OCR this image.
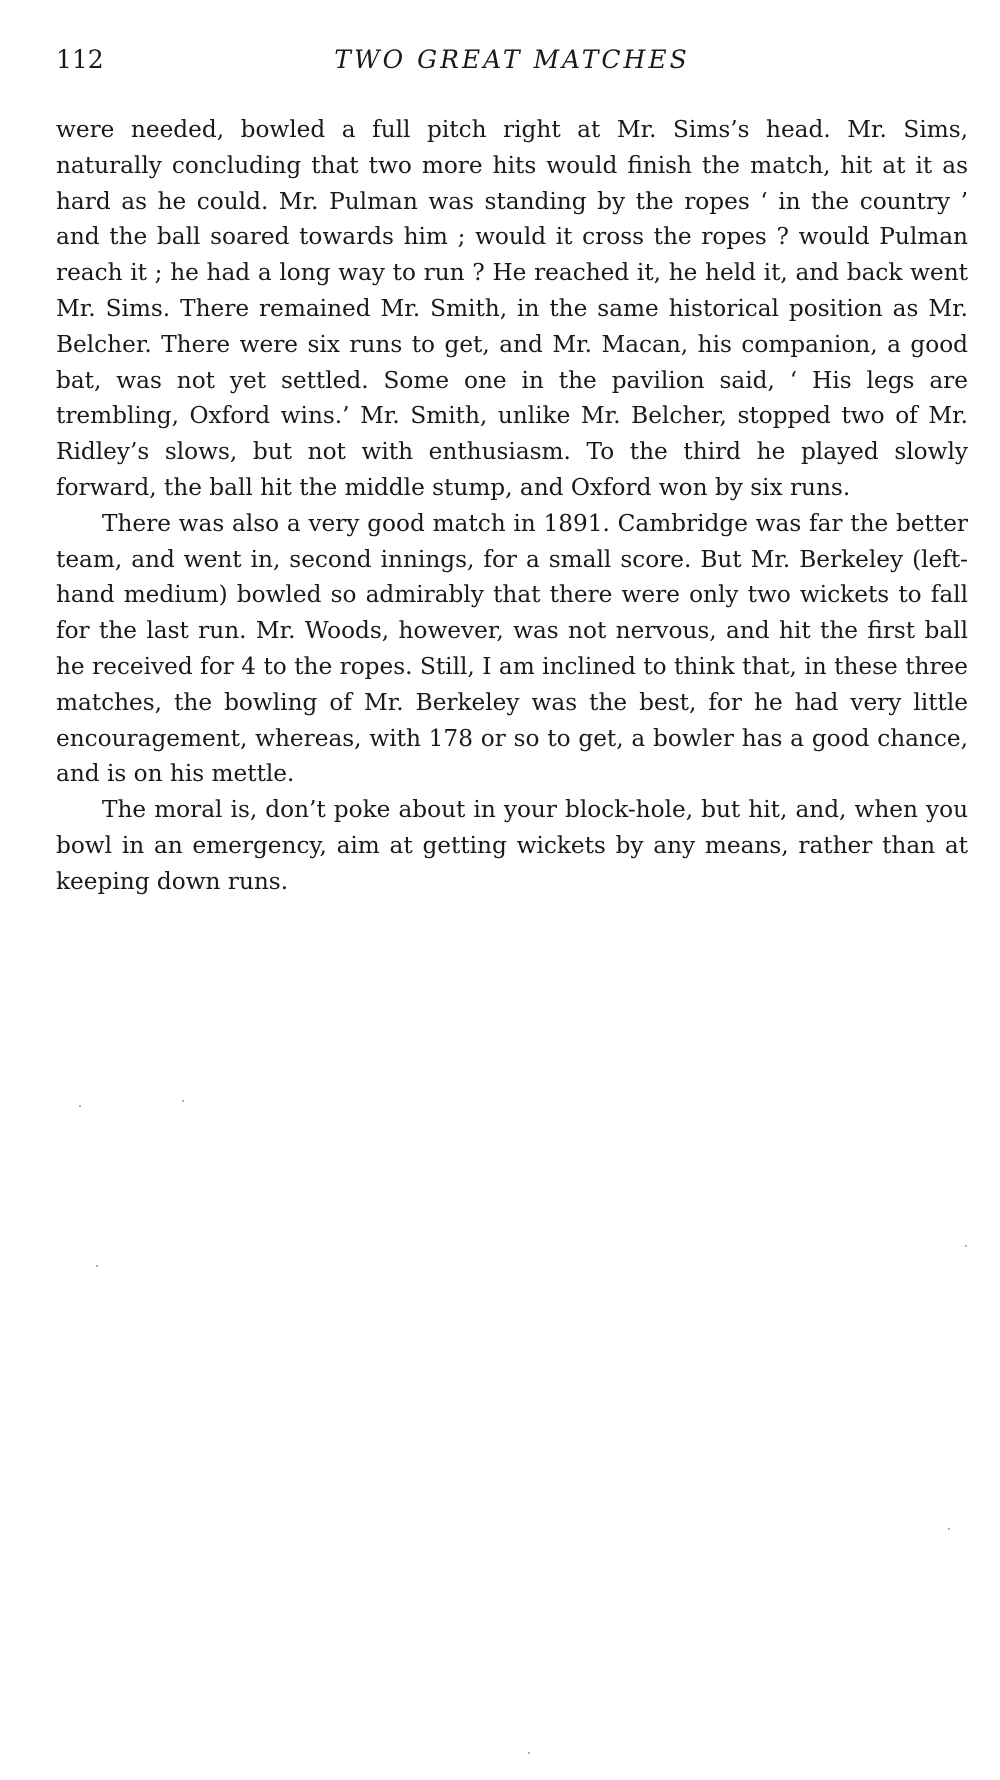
112	TWO GREAT MATCHES

were needed, bowled a full pitch right at Mr. Sims’s head. Mr. Sims, naturally concluding that two more hits would finish the match, hit at it as hard as he could. Mr. Pulman was standing by the ropes ‘ in the country ’ and the ball soared towards him ; would it cross the ropes ? would Pulman reach it ; he had a long way to run ? He reached it, he held it, and back went Mr. Sims. There remained Mr. Smith, in the same historical position as Mr. Belcher. There were six runs to get, and Mr. Macan, his companion, a good bat, was not yet settled. Some one in the pavilion said, ‘ His legs are trembling, Oxford wins.’ Mr. Smith, unlike Mr. Belcher, stopped two of Mr. Ridley’s slows, but not with enthusiasm. To the third he played slowly forward, the ball hit the middle stump, and Oxford won by six runs.

There was also a very good match in 1891. Cambridge was far the better team, and went in, second innings, for a small score. But Mr. Berkeley (left-hand medium) bowled so admirably that there were only two wickets to fall for the last run. Mr. Woods, however, was not nervous, and hit the first ball he received for 4 to the ropes. Still, I am inclined to think that, in these three matches, the bowling of Mr. Berkeley was the best, for he had very little encouragement, whereas, with 178 or so to get, a bowler has a good chance, and is on his mettle.

The moral is, don’t poke about in your block-hole, but hit, and, when you bowl in an emergency, aim at getting wickets by any means, rather than at keeping down runs.
